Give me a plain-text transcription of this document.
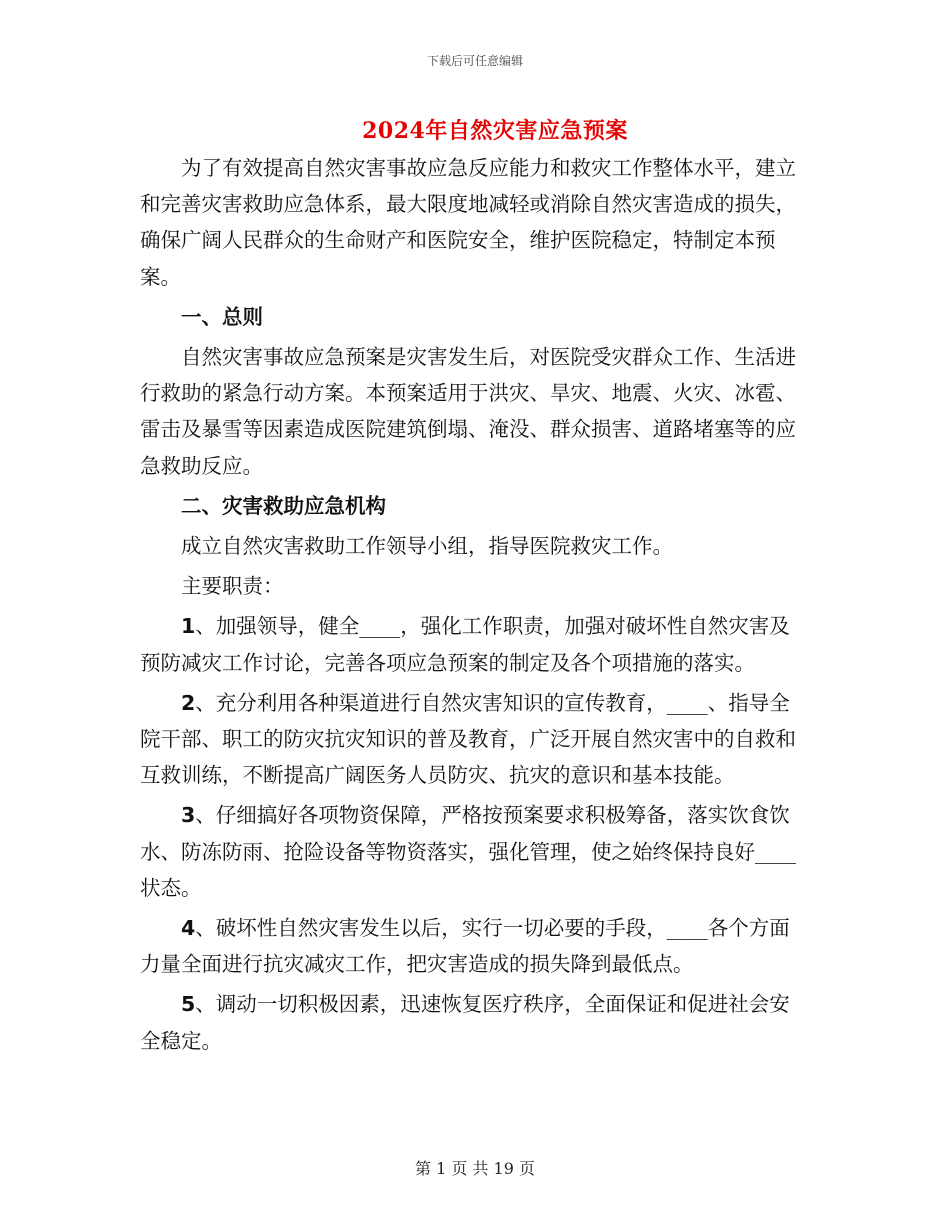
下载后可任意编辑
2024年自然灾害应急预案

为了有效提高自然灾害事故应急反应能力和救灾工作整体水平，建立和完善灾害救助应急体系，最大限度地减轻或消除自然灾害造成的损失，确保广阔人民群众的生命财产和医院安全，维护医院稳定，特制定本预案。

一、总则

自然灾害事故应急预案是灾害发生后，对医院受灾群众工作、生活进行救助的紧急行动方案。本预案适用于洪灾、旱灾、地震、火灾、冰雹、雷击及暴雪等因素造成医院建筑倒塌、淹没、群众损害、道路堵塞等的应急救助反应。

二、灾害救助应急机构

成立自然灾害救助工作领导小组，指导医院救灾工作。

主要职责：

1、加强领导，健全____，强化工作职责，加强对破坏性自然灾害及预防减灾工作讨论，完善各项应急预案的制定及各个项措施的落实。

2、充分利用各种渠道进行自然灾害知识的宣传教育，____、指导全院干部、职工的防灾抗灾知识的普及教育，广泛开展自然灾害中的自救和互救训练，不断提高广阔医务人员防灾、抗灾的意识和基本技能。

3、仔细搞好各项物资保障，严格按预案要求积极筹备，落实饮食饮水、防冻防雨、抢险设备等物资落实，强化管理，使之始终保持良好____状态。

4、破坏性自然灾害发生以后，实行一切必要的手段，____各个方面力量全面进行抗灾减灾工作，把灾害造成的损失降到最低点。

5、调动一切积极因素，迅速恢复医疗秩序，全面保证和促进社会安全稳定。

第 1 页 共 19 页
